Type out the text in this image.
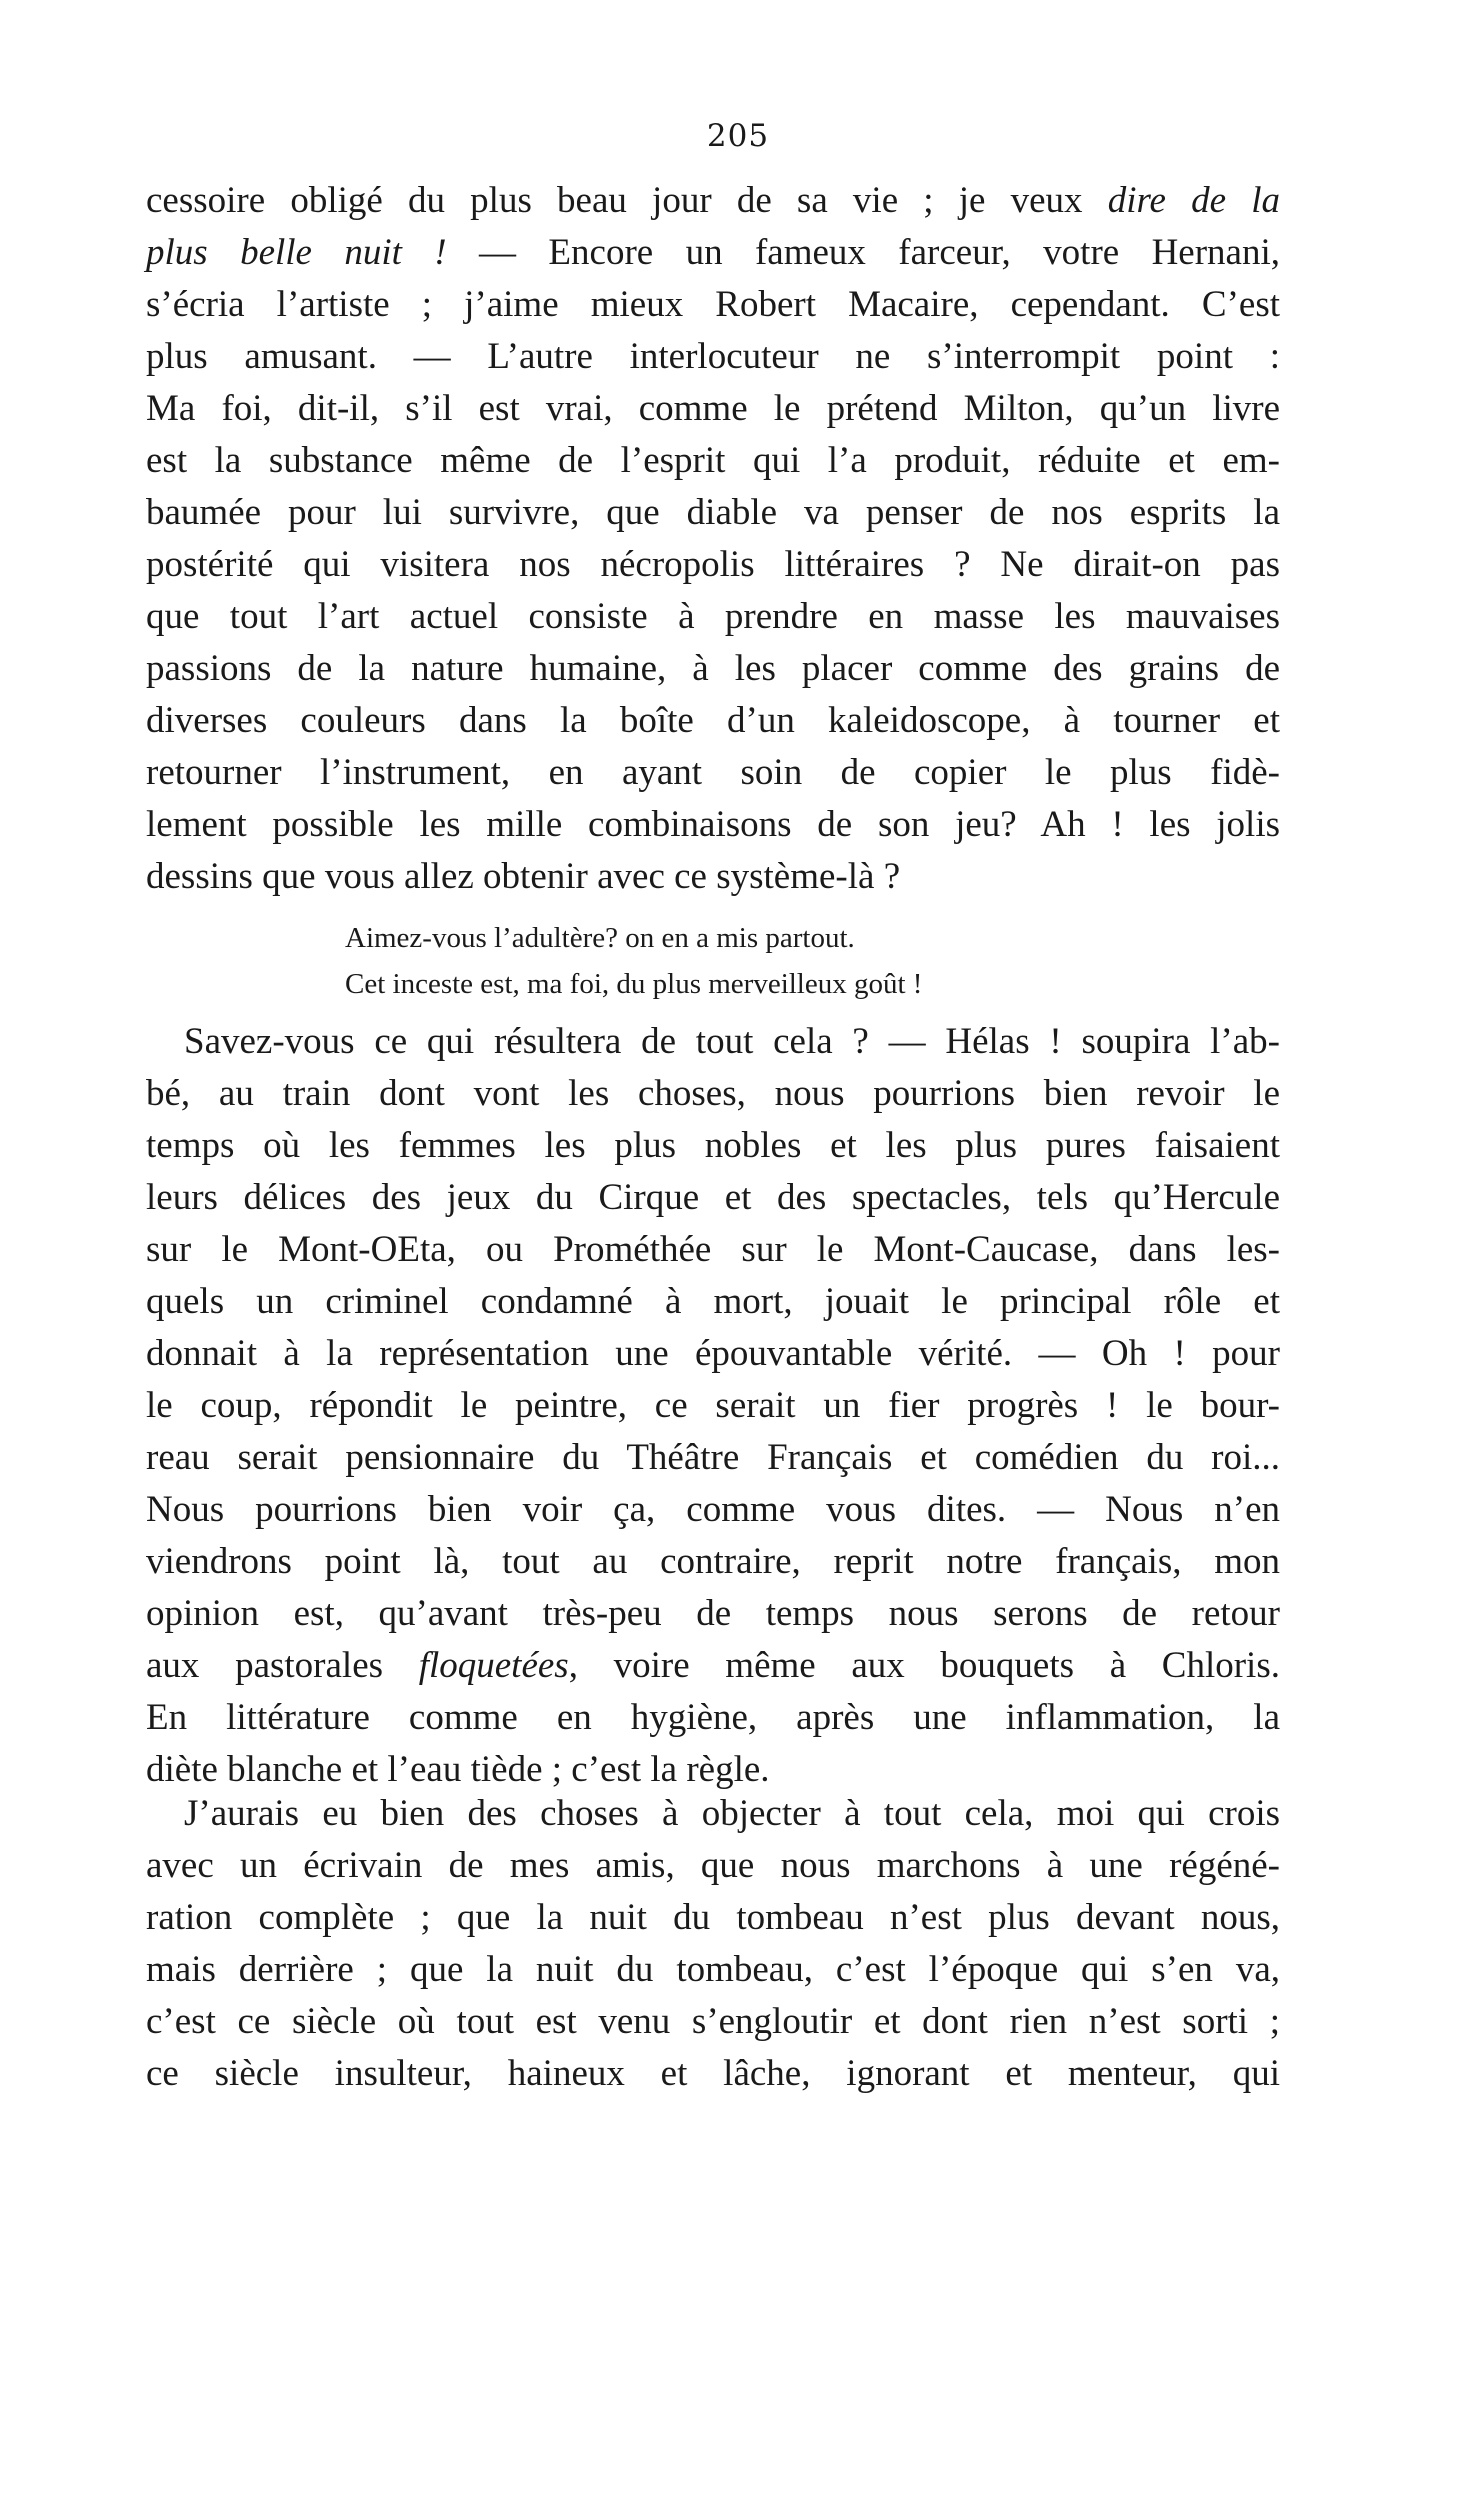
205
cessoire obligé du plus beau jour de sa vie ; je veux dire de la
plus belle nuit ! — Encore un fameux farceur, votre Hernani,
s’écria l’artiste ; j’aime mieux Robert Macaire, cependant. C’est
plus amusant. — L’autre interlocuteur ne s’interrompit point :
Ma foi, dit-il, s’il est vrai, comme le prétend Milton, qu’un livre
est la substance même de l’esprit qui l’a produit, réduite et em-
baumée pour lui survivre, que diable va penser de nos esprits la
postérité qui visitera nos nécropolis littéraires ? Ne dirait-on pas
que tout l’art actuel consiste à prendre en masse les mauvaises
passions de la nature humaine, à les placer comme des grains de
diverses couleurs dans la boîte d’un kaleidoscope, à tourner et
retourner l’instrument, en ayant soin de copier le plus fidè-
lement possible les mille combinaisons de son jeu? Ah ! les jolis
dessins que vous allez obtenir avec ce système-là ?
Aimez-vous l’adultère? on en a mis partout.
Cet inceste est, ma foi, du plus merveilleux goût !
Savez-vous ce qui résultera de tout cela ? — Hélas ! soupira l’ab-
bé, au train dont vont les choses, nous pourrions bien revoir le
temps où les femmes les plus nobles et les plus pures faisaient
leurs délices des jeux du Cirque et des spectacles, tels qu’Hercule
sur le Mont-OEta, ou Prométhée sur le Mont-Caucase, dans les-
quels un criminel condamné à mort, jouait le principal rôle et
donnait à la représentation une épouvantable vérité. — Oh ! pour
le coup, répondit le peintre, ce serait un fier progrès ! le bour-
reau serait pensionnaire du Théâtre Français et comédien du roi...
Nous pourrions bien voir ça, comme vous dites. — Nous n’en
viendrons point là, tout au contraire, reprit notre français, mon
opinion est, qu’avant très-peu de temps nous serons de retour
aux pastorales floquetées, voire même aux bouquets à Chloris.
En littérature comme en hygiène, après une inflammation, la
diète blanche et l’eau tiède ; c’est la règle.
J’aurais eu bien des choses à objecter à tout cela, moi qui crois
avec un écrivain de mes amis, que nous marchons à une régéné-
ration complète ; que la nuit du tombeau n’est plus devant nous,
mais derrière ; que la nuit du tombeau, c’est l’époque qui s’en va,
c’est ce siècle où tout est venu s’engloutir et dont rien n’est sorti ;
ce siècle insulteur, haineux et lâche, ignorant et menteur, qui
